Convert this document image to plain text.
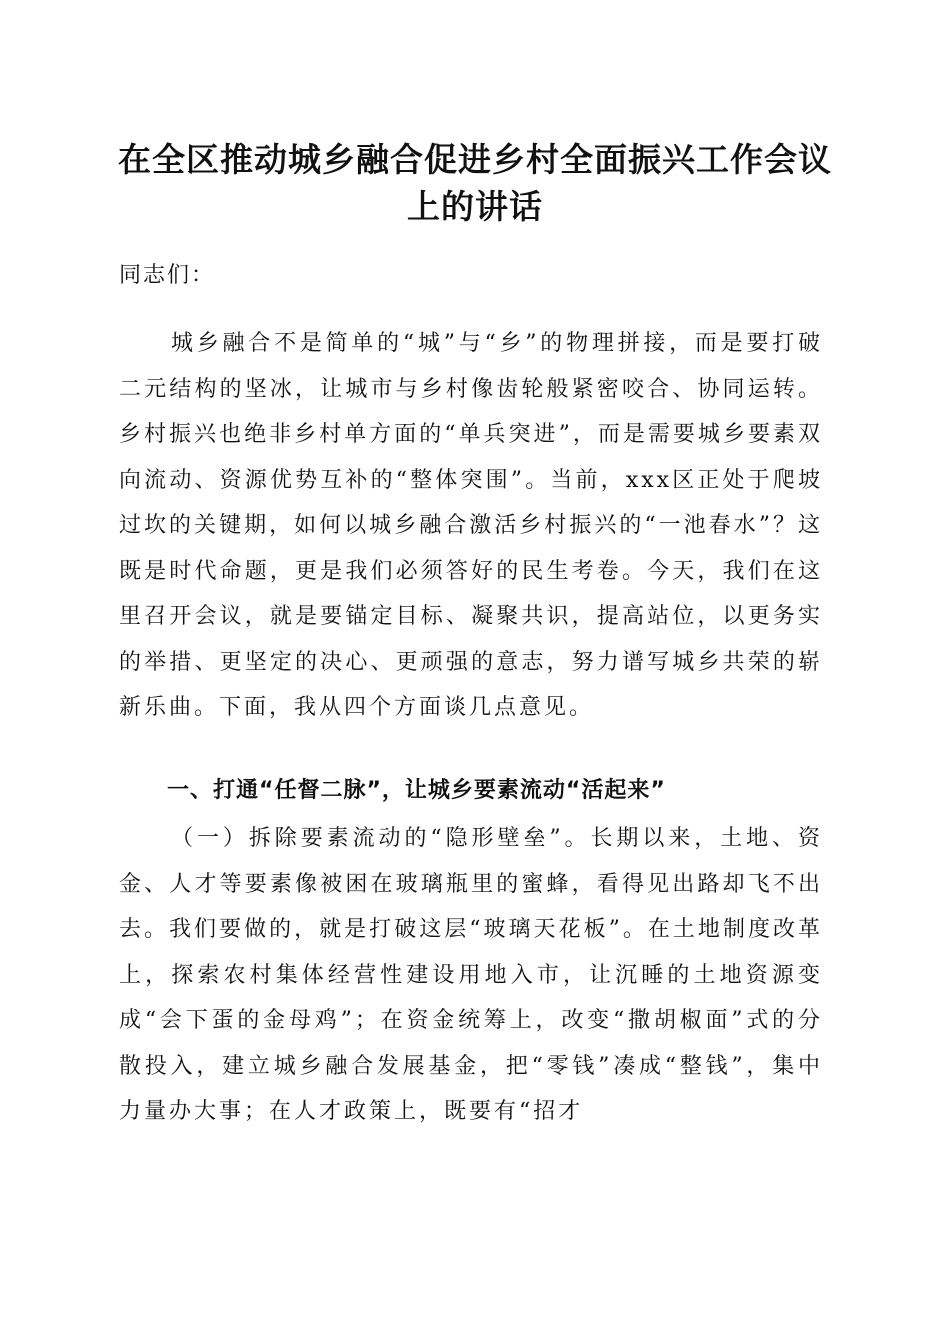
在全区推动城乡融合促进乡村全面振兴工作会议上的讲话

同志们：

城乡融合不是简单的“城”与“乡”的物理拼接，而是要打破二元结构的坚冰，让城市与乡村像齿轮般紧密咬合、协同运转。乡村振兴也绝非乡村单方面的“单兵突进”，而是需要城乡要素双向流动、资源优势互补的“整体突围”。当前，xxx区正处于爬坡过坎的关键期，如何以城乡融合激活乡村振兴的“一池春水”？这既是时代命题，更是我们必须答好的民生考卷。今天，我们在这里召开会议，就是要锚定目标、凝聚共识，提高站位，以更务实的举措、更坚定的决心、更顽强的意志，努力谱写城乡共荣的崭新乐曲。下面，我从四个方面谈几点意见。

一、打通“任督二脉”，让城乡要素流动“活起来”

（一）拆除要素流动的“隐形壁垒”。长期以来，土地、资金、人才等要素像被困在玻璃瓶里的蜜蜂，看得见出路却飞不出去。我们要做的，就是打破这层“玻璃天花板”。在土地制度改革上，探索农村集体经营性建设用地入市，让沉睡的土地资源变成“会下蛋的金母鸡”；在资金统筹上，改变“撒胡椒面”式的分散投入，建立城乡融合发展基金，把“零钱”凑成“整钱”，集中力量办大事；在人才政策上，既要有“招才
